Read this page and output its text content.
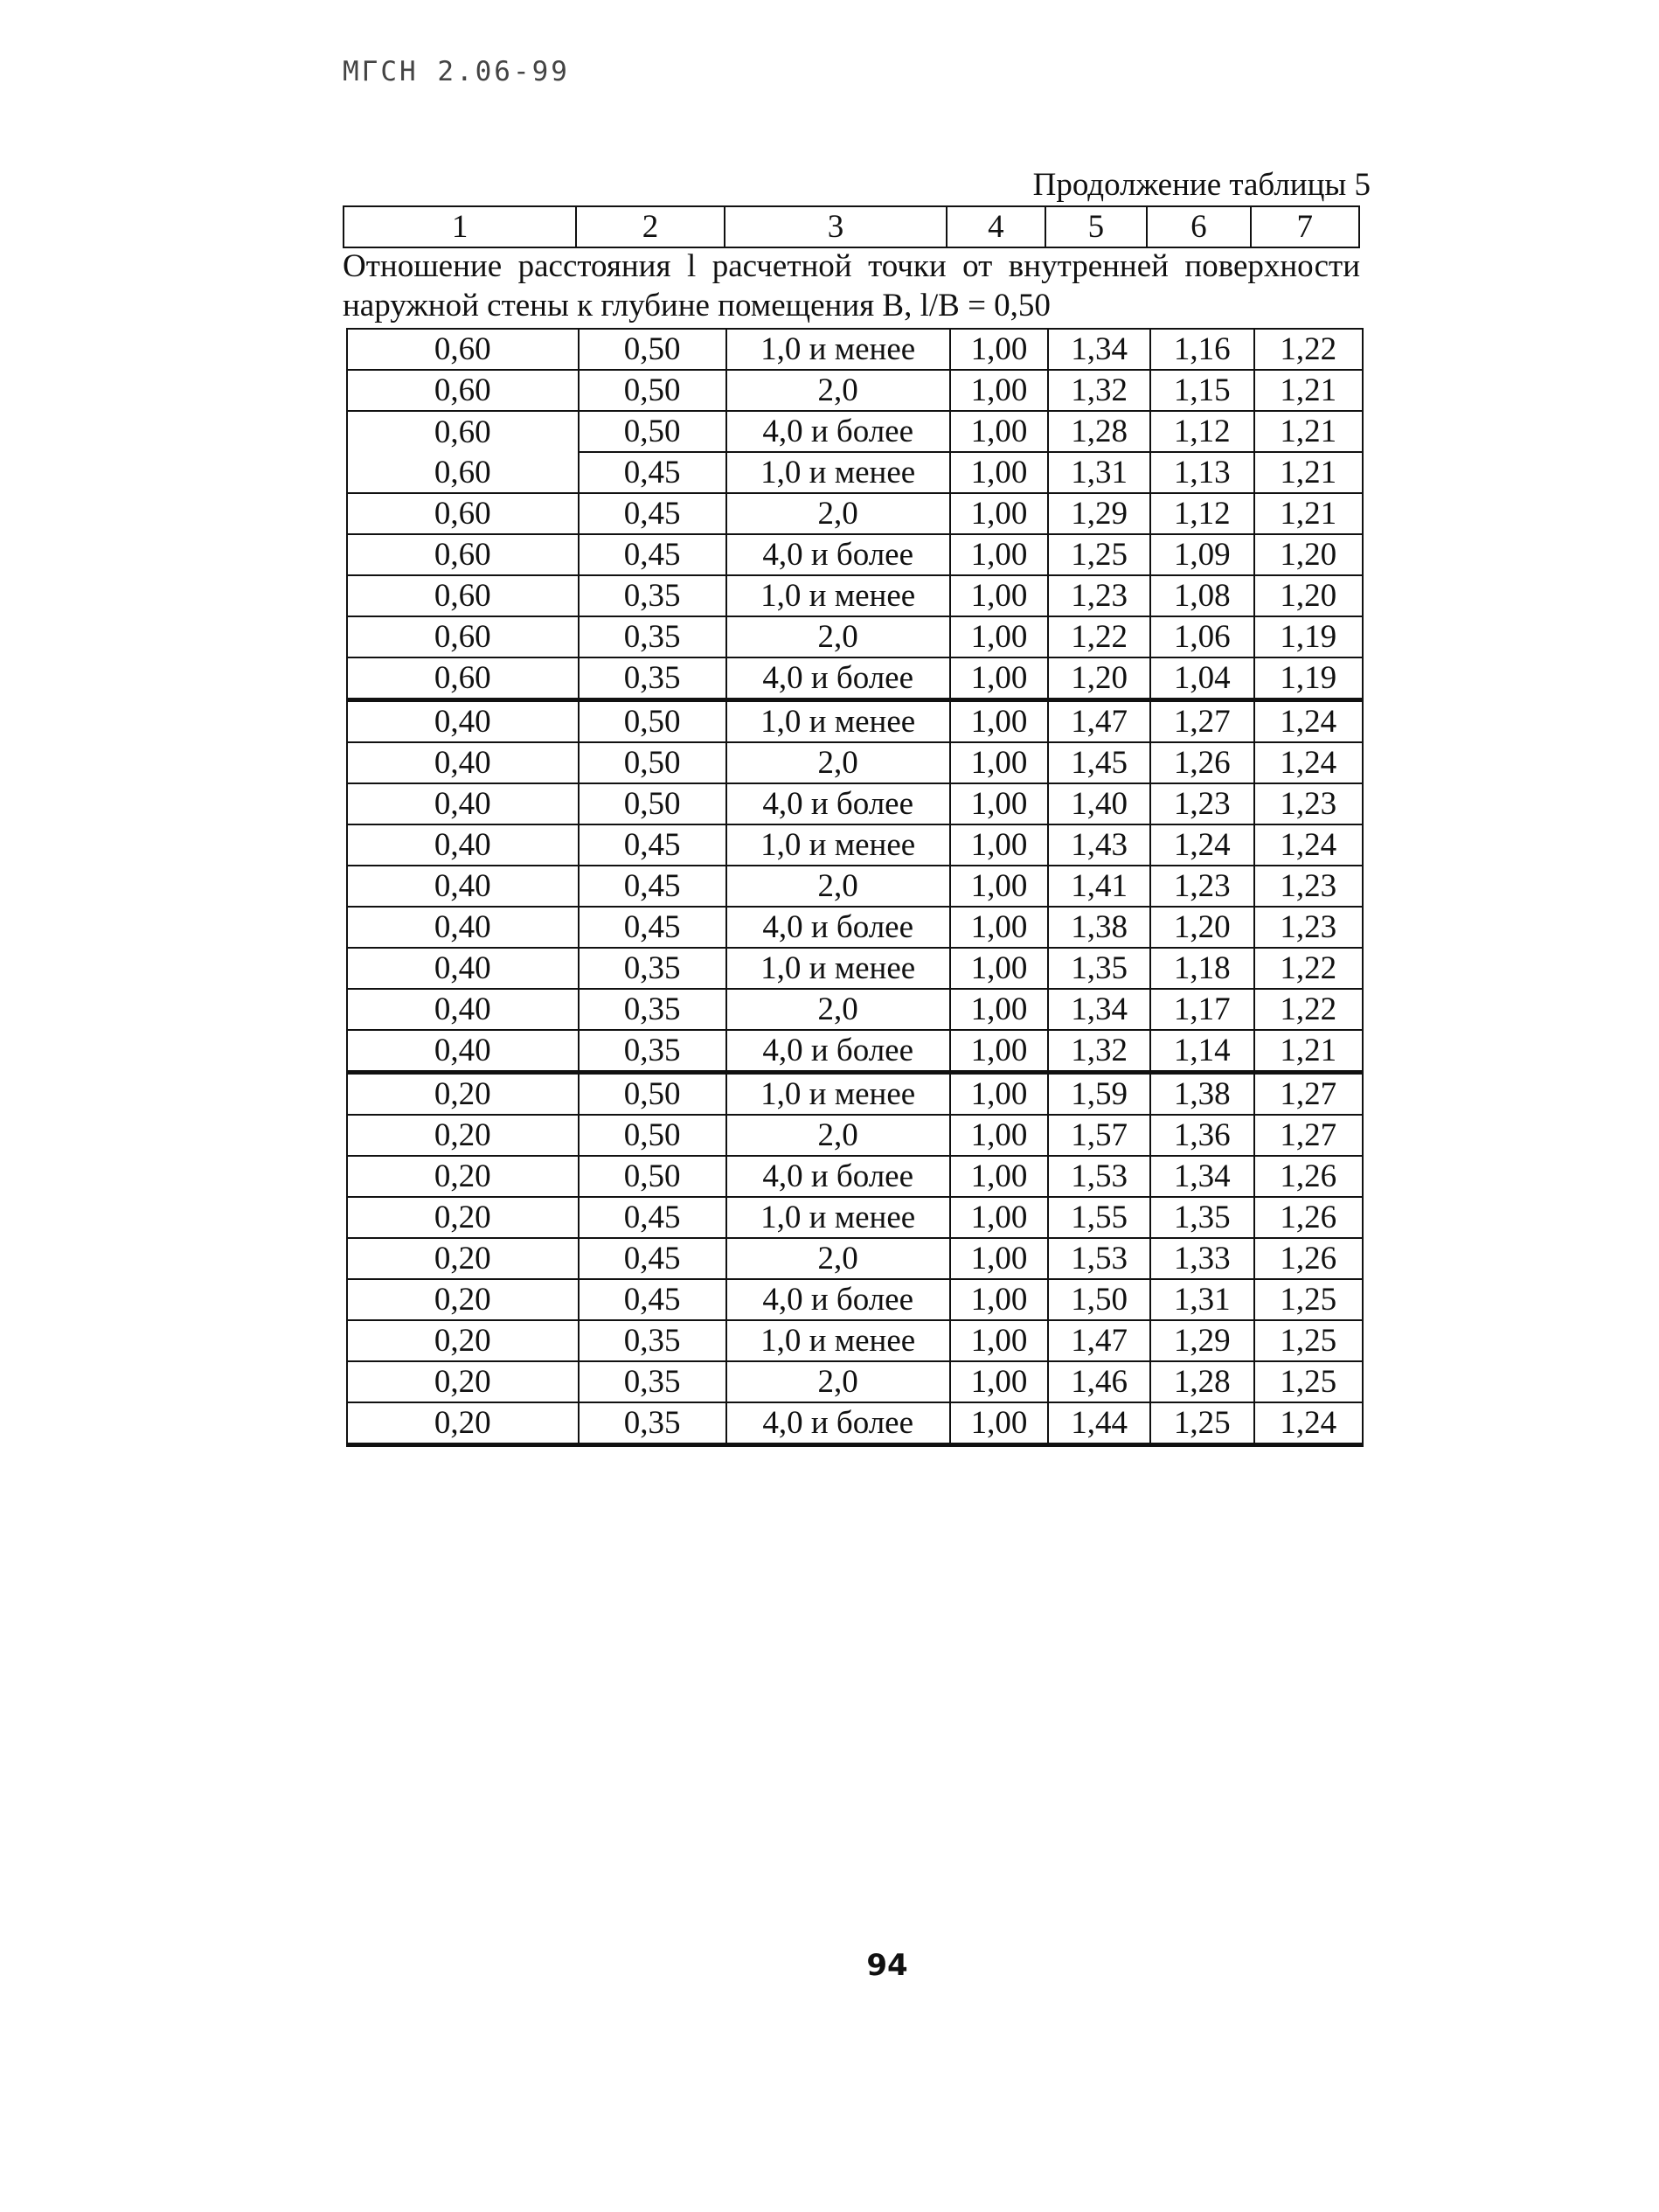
МГСН 2.06-99
Продолжение таблицы 5
1	2	3	4	5	6	7
Отношение расстояния l расчетной точки от внутренней поверхности
наружной стены к глубине помещения B, l/B = 0,50
0,60	0,50	1,0 и менее	1,00	1,34	1,16	1,22
0,60	0,50	2,0	1,00	1,32	1,15	1,21
0,60	0,50	4,0 и более	1,00	1,28	1,12	1,21
0,60	0,45	1,0 и менее	1,00	1,31	1,13	1,21
0,60	0,45	2,0	1,00	1,29	1,12	1,21
0,60	0,45	4,0 и более	1,00	1,25	1,09	1,20
0,60	0,35	1,0 и менее	1,00	1,23	1,08	1,20
0,60	0,35	2,0	1,00	1,22	1,06	1,19
0,60	0,35	4,0 и более	1,00	1,20	1,04	1,19
0,40	0,50	1,0 и менее	1,00	1,47	1,27	1,24
0,40	0,50	2,0	1,00	1,45	1,26	1,24
0,40	0,50	4,0 и более	1,00	1,40	1,23	1,23
0,40	0,45	1,0 и менее	1,00	1,43	1,24	1,24
0,40	0,45	2,0	1,00	1,41	1,23	1,23
0,40	0,45	4,0 и более	1,00	1,38	1,20	1,23
0,40	0,35	1,0 и менее	1,00	1,35	1,18	1,22
0,40	0,35	2,0	1,00	1,34	1,17	1,22
0,40	0,35	4,0 и более	1,00	1,32	1,14	1,21
0,20	0,50	1,0 и менее	1,00	1,59	1,38	1,27
0,20	0,50	2,0	1,00	1,57	1,36	1,27
0,20	0,50	4,0 и более	1,00	1,53	1,34	1,26
0,20	0,45	1,0 и менее	1,00	1,55	1,35	1,26
0,20	0,45	2,0	1,00	1,53	1,33	1,26
0,20	0,45	4,0 и более	1,00	1,50	1,31	1,25
0,20	0,35	1,0 и менее	1,00	1,47	1,29	1,25
0,20	0,35	2,0	1,00	1,46	1,28	1,25
0,20	0,35	4,0 и более	1,00	1,44	1,25	1,24
94
